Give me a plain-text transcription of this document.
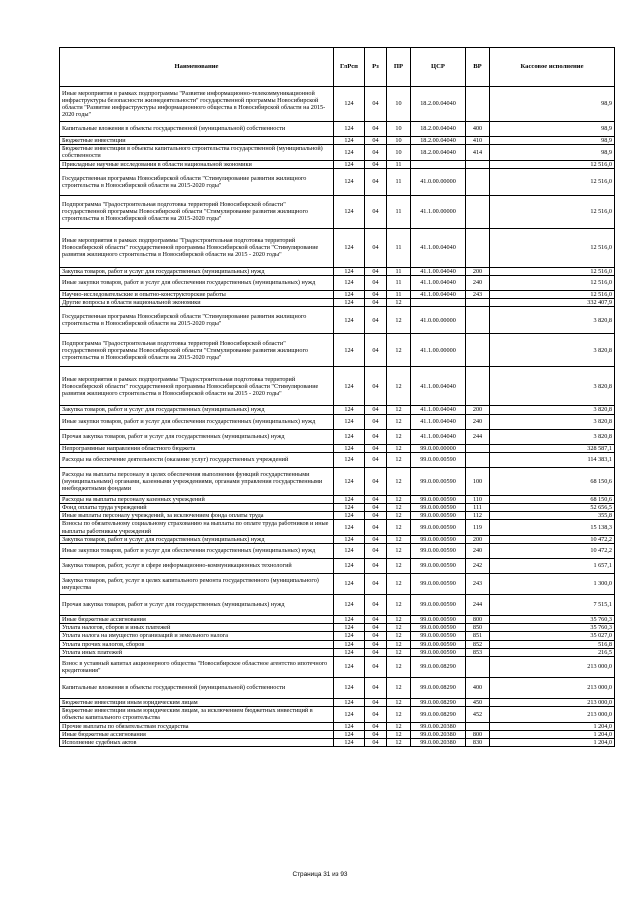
Наименование	ГлРсп	Рз	ПР	ЦСР	ВР	Кассовое исполнение
Иные мероприятия в рамках подпрограммы "Развитие информационно-телекоммуникационной инфраструктуры безопасности жизнедеятельности" государственной программы Новосибирской области "Развитие инфраструктуры информационного общества в Новосибирской области на 2015-2020 годы"	124	04	10	18.2.00.04040		98,9
Капитальные вложения в объекты государственной (муниципальной) собственности	124	04	10	18.2.00.04040	400	98,9
Бюджетные инвестиции	124	04	10	18.2.00.04040	410	98,9
Бюджетные инвестиции в объекты капитального строительства государственной (муниципальной) собственности	124	04	10	18.2.00.04040	414	98,9
Прикладные научные исследования в области национальной экономики	124	04	11			12 516,0
Государственная программа Новосибирской области "Стимулирование развития жилищного строительства в Новосибирской области на 2015-2020 годы"	124	04	11	41.0.00.00000		12 516,0
Подпрограмма "Градостроительная подготовка территорий Новосибирской области" государственной программы Новосибирской области "Стимулирование развития жилищного строительства в Новосибирской области на 2015-2020 годы"	124	04	11	41.1.00.00000		12 516,0
Иные мероприятия в рамках подпрограммы "Градостроительная подготовка территорий Новосибирской области" государственной программы Новосибирской области "Стимулирование развития жилищного строительства в Новосибирской области на 2015 - 2020 годы"	124	04	11	41.1.00.04040		12 516,0
Закупка товаров, работ и услуг для государственных (муниципальных) нужд	124	04	11	41.1.00.04040	200	12 516,0
Иные закупки товаров, работ и услуг для обеспечения государственных (муниципальных) нужд	124	04	11	41.1.00.04040	240	12 516,0
Научно-исследовательские и опытно-конструкторские работы	124	04	11	41.1.00.04040	243	12 516,0
Другие вопросы в области национальной экономики	124	04	12			332 407,9
Государственная программа Новосибирской области "Стимулирование развития жилищного строительства в Новосибирской области на 2015-2020 годы"	124	04	12	41.0.00.00000		3 820,8
Подпрограмма "Градостроительная подготовка территорий Новосибирской области" государственной программы Новосибирской области "Стимулирование развития жилищного строительства в Новосибирской области на 2015-2020 годы"	124	04	12	41.1.00.00000		3 820,8
Иные мероприятия в рамках подпрограммы "Градостроительная подготовка территорий Новосибирской области" государственной программы Новосибирской области "Стимулирование развития жилищного строительства в Новосибирской области на 2015 - 2020 годы"	124	04	12	41.1.00.04040		3 820,8
Закупка товаров, работ и услуг для государственных (муниципальных) нужд	124	04	12	41.1.00.04040	200	3 820,8
Иные закупки товаров, работ и услуг для обеспечения государственных (муниципальных) нужд	124	04	12	41.1.00.04040	240	3 820,8
Прочая закупка товаров, работ и услуг для государственных (муниципальных) нужд	124	04	12	41.1.00.04040	244	3 820,8
Непрограммные направления областного бюджета	124	04	12	99.0.00.00000		328 587,1
Расходы на обеспечение деятельности (оказание услуг) государственных учреждений	124	04	12	99.0.00.00590		114 383,1
Расходы на выплаты персоналу в целях обеспечения выполнения функций государственными (муниципальными) органами, казенными учреждениями, органами управления государственными внебюджетными фондами	124	04	12	99.0.00.00590	100	68 150,6
Расходы на выплаты персоналу казенных учреждений	124	04	12	99.0.00.00590	110	68 150,6
Фонд оплаты труда учреждений	124	04	12	99.0.00.00590	111	52 656,5
Иные выплаты персоналу учреждений, за исключением фонда оплаты труда	124	04	12	99.0.00.00590	112	355,8
Взносы по обязательному социальному страхованию на выплаты по оплате труда работников и иные выплаты работникам учреждений	124	04	12	99.0.00.00590	119	15 138,3
Закупка товаров, работ и услуг для государственных (муниципальных) нужд	124	04	12	99.0.00.00590	200	10 472,2
Иные закупки товаров, работ и услуг для обеспечения государственных (муниципальных) нужд	124	04	12	99.0.00.00590	240	10 472,2
Закупка товаров, работ, услуг в сфере информационно-коммуникационных технологий	124	04	12	99.0.00.00590	242	1 657,1
Закупка товаров, работ, услуг в целях капитального ремонта государственного (муниципального) имущества	124	04	12	99.0.00.00590	243	1 300,0
Прочая закупка товаров, работ и услуг для государственных (муниципальных) нужд	124	04	12	99.0.00.00590	244	7 515,1
Иные бюджетные ассигнования	124	04	12	99.0.00.00590	800	35 760,3
Уплата налогов, сборов и иных платежей	124	04	12	99.0.00.00590	850	35 760,3
Уплата налога на имущество организаций и земельного налога	124	04	12	99.0.00.00590	851	35 027,0
Уплата прочих налогов, сборов	124	04	12	99.0.00.00590	852	516,8
Уплата иных платежей	124	04	12	99.0.00.00590	853	216,5
Взнос в уставный капитал акционерного общества "Новосибирское областное агентство ипотечного кредитования"	124	04	12	99.0.00.08290		213 000,0
Капитальные вложения в объекты государственной (муниципальной) собственности	124	04	12	99.0.00.08290	400	213 000,0
Бюджетные инвестиции иным юридическим лицам	124	04	12	99.0.00.08290	450	213 000,0
Бюджетные инвестиции иным юридическим лицам, за исключением бюджетных инвестиций в объекты капитального строительства	124	04	12	99.0.00.08290	452	213 000,0
Прочие выплаты по обязательствам государства	124	04	12	99.0.00.20380		1 204,0
Иные бюджетные ассигнования	124	04	12	99.0.00.20380	800	1 204,0
Исполнение судебных актов	124	04	12	99.0.00.20380	830	1 204,0
Страница 31 из 93
